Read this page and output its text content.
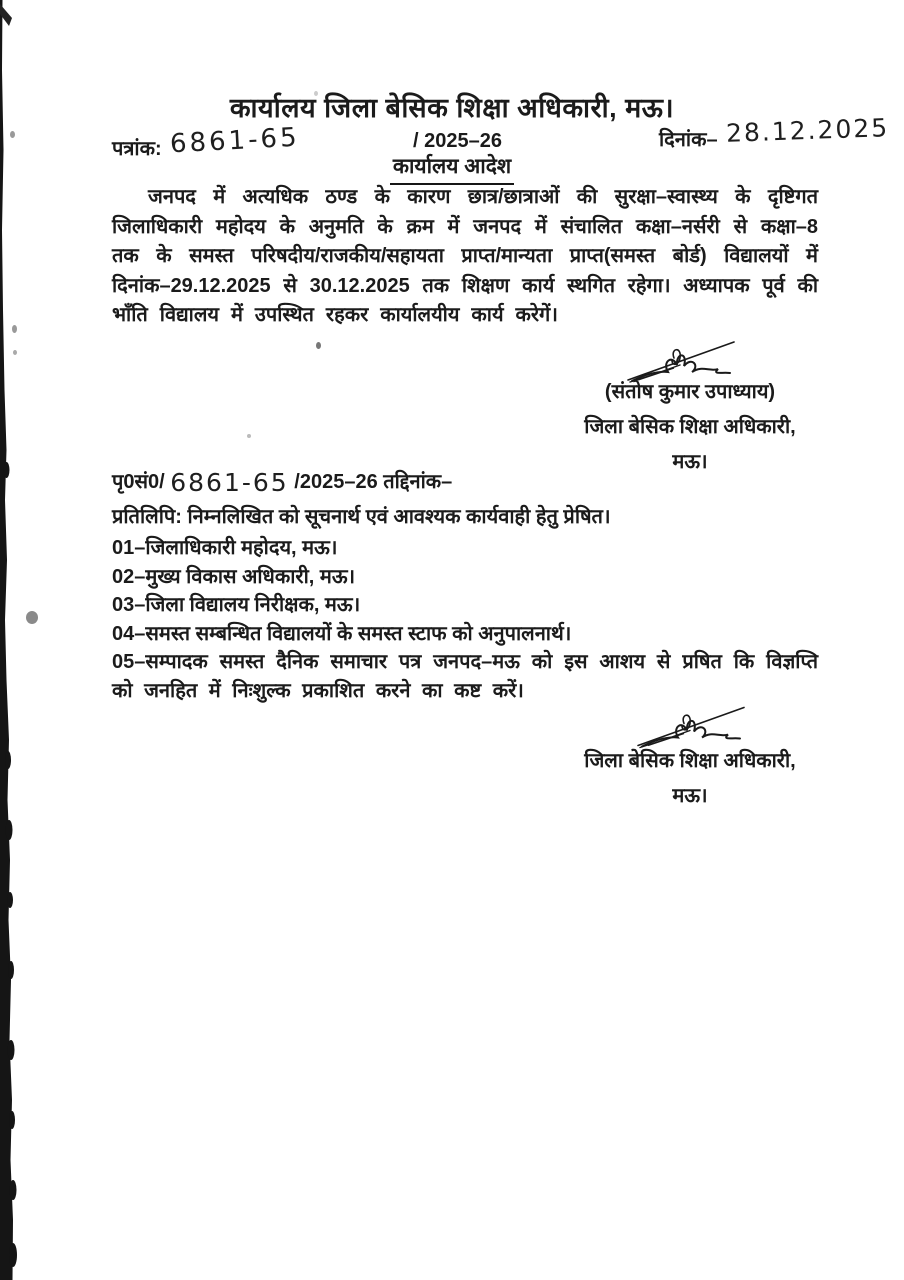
कार्यालय जिला बेसिक शिक्षा अधिकारी, मऊ।
पत्रांक: 6861-65	/ 2025–26	दिनांक– 28.12.2025
कार्यालय आदेश
जनपद में अत्यधिक ठण्ड के कारण छात्र/छात्राओं की सुरक्षा–स्वास्थ्य के दृष्टिगत जिलाधिकारी महोदय के अनुमति के क्रम में जनपद में संचालित कक्षा–नर्सरी से कक्षा–8 तक के समस्त परिषदीय/राजकीय/सहायता प्राप्त/मान्यता प्राप्त(समस्त बोर्ड) विद्यालयों में दिनांक–29.12.2025 से 30.12.2025 तक शिक्षण कार्य स्थगित रहेगा। अध्यापक पूर्व की भाँति विद्यालय में उपस्थित रहकर कार्यालयीय कार्य करेगें।
(संतोष कुमार उपाध्याय)
जिला बेसिक शिक्षा अधिकारी,
मऊ।
पृ0सं0/ 6861-65 /2025–26 तद्दिनांक–
प्रतिलिपि: निम्नलिखित को सूचनार्थ एवं आवश्यक कार्यवाही हेतु प्रेषित।
01–जिलाधिकारी महोदय, मऊ।
02–मुख्य विकास अधिकारी, मऊ।
03–जिला विद्यालय निरीक्षक, मऊ।
04–समस्त सम्बन्धित विद्यालयों के समस्त स्टाफ को अनुपालनार्थ।
05–सम्पादक समस्त दैनिक समाचार पत्र जनपद–मऊ को इस आशय से प्रषित कि विज्ञप्ति को जनहित में निःशुल्क प्रकाशित करने का कष्ट करें।
जिला बेसिक शिक्षा अधिकारी,
मऊ।
